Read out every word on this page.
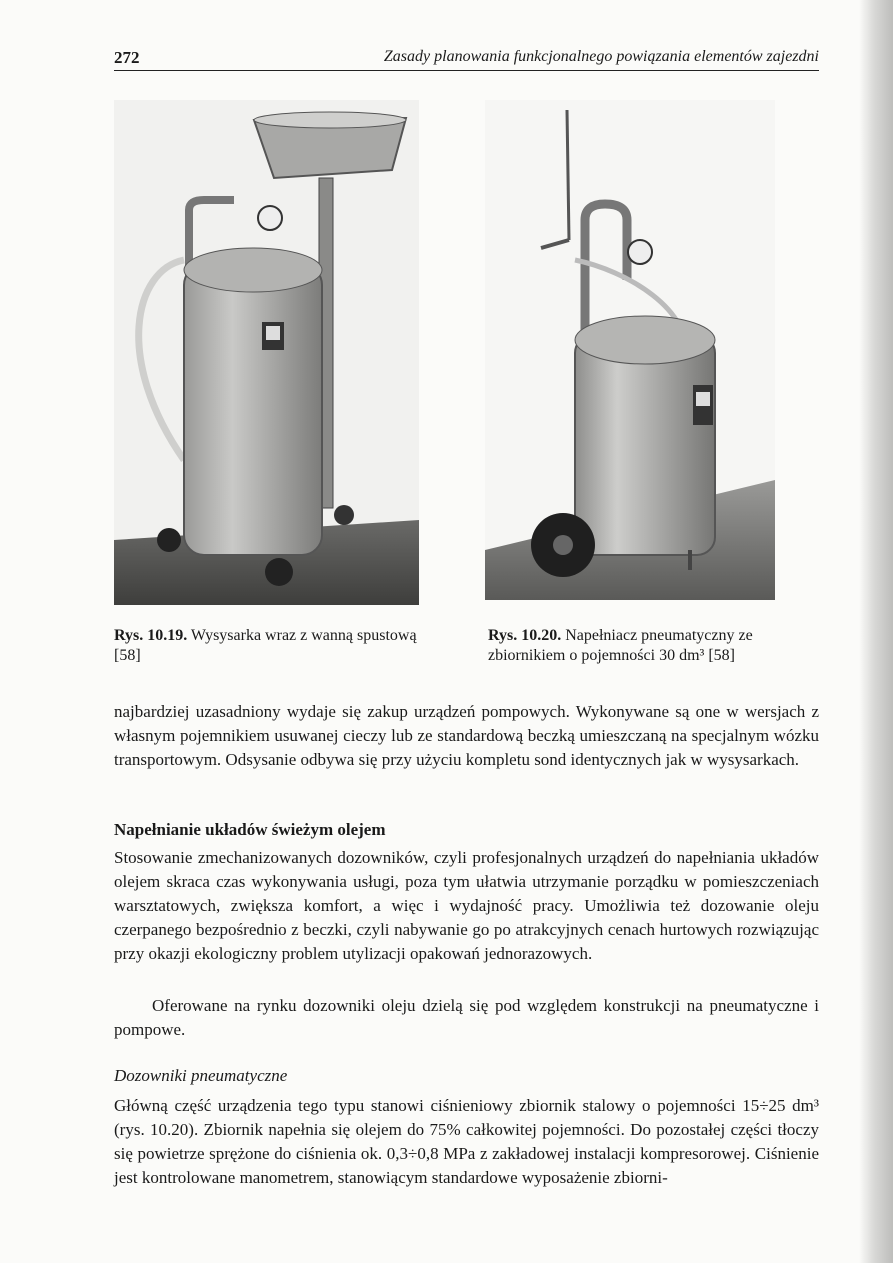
272	Zasady planowania funkcjonalnego powiązania elementów zajezdni
Rys. 10.19. Wysysarka wraz z wanną spustową [58]
Rys. 10.20. Napełniacz pneumatyczny ze zbiornikiem o pojemności 30 dm³ [58]
najbardziej uzasadniony wydaje się zakup urządzeń pompowych. Wykonywane są one w wersjach z własnym pojemnikiem usuwanej cieczy lub ze standardową beczką umieszczaną na specjalnym wózku transportowym. Odsysanie odbywa się przy użyciu kompletu sond identycznych jak w wysysarkach.
Napełnianie układów świeżym olejem
Stosowanie zmechanizowanych dozowników, czyli profesjonalnych urządzeń do napełniania układów olejem skraca czas wykonywania usługi, poza tym ułatwia utrzymanie porządku w pomieszczeniach warsztatowych, zwiększa komfort, a więc i wydajność pracy. Umożliwia też dozowanie oleju czerpanego bezpośrednio z beczki, czyli nabywanie go po atrakcyjnych cenach hurtowych rozwiązując przy okazji ekologiczny problem utylizacji opakowań jednorazowych.
Oferowane na rynku dozowniki oleju dzielą się pod względem konstrukcji na pneumatyczne i pompowe.
Dozowniki pneumatyczne
Główną część urządzenia tego typu stanowi ciśnieniowy zbiornik stalowy o pojemności 15÷25 dm³ (rys. 10.20). Zbiornik napełnia się olejem do 75% całkowitej pojemności. Do pozostałej części tłoczy się powietrze sprężone do ciśnienia ok. 0,3÷0,8 MPa z zakładowej instalacji kompresorowej. Ciśnienie jest kontrolowane manometrem, stanowiącym standardowe wyposażenie zbiorni-
